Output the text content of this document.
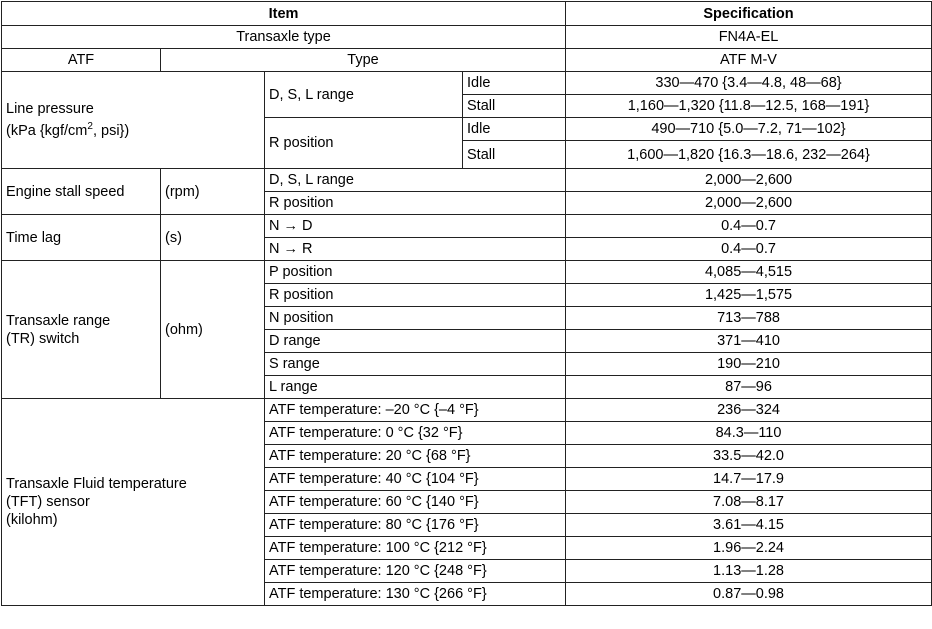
Item				Specification
Transaxle type				FN4A-EL
ATF	Type			ATF M-V
Line pressure
(kPa {$kgf/cm^2$, psi})		D, S, L range	Idle	330—470 {3.4—4.8, 48—68}
			Stall	1,160—1,320 {11.8—12.5, 168—191}
		R position	Idle	490—710 {5.0—7.2, 71—102}
			Stall	1,600—1,820 {16.3—18.6, 232—264}
Engine stall speed	(rpm)	D, S, L range		2,000—2,600
		R position		2,000—2,600
Time lag	(s)	N → D		0.4—0.7
		N → R		0.4—0.7
Transaxle range
(TR) switch	(ohm)	P position		4,085—4,515
		R position		1,425—1,575
		N position		713—788
		D range		371—410
		S range		190—210
		L range		87—96
Transaxle Fluid temperature
(TFT) sensor
(kilohm)		ATF temperature: –20 °C {–4 °F}		236—324
		ATF temperature: 0 °C {32 °F}		84.3—110
		ATF temperature: 20 °C {68 °F}		33.5—42.0
		ATF temperature: 40 °C {104 °F}		14.7—17.9
		ATF temperature: 60 °C {140 °F}		7.08—8.17
		ATF temperature: 80 °C {176 °F}		3.61—4.15
		ATF temperature: 100 °C {212 °F}		1.96—2.24
		ATF temperature: 120 °C {248 °F}		1.13—1.28
		ATF temperature: 130 °C {266 °F}		0.87—0.98
